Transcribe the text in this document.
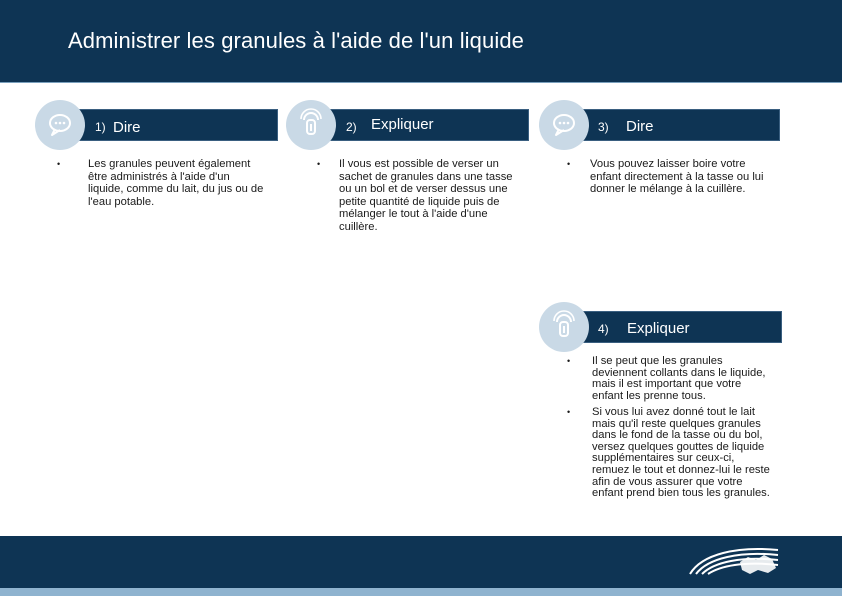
Administrer les granules à l'aide de l'un liquide
1) Dire
• Les granules peuvent également être administrés à l'aide d'un liquide, comme du lait, du jus ou de l'eau potable.
2) Expliquer
• Il vous est possible de verser un sachet de granules dans une tasse ou un bol et de verser dessus une petite quantité de liquide puis de mélanger le tout à l'aide d'une cuillère.
3) Dire
• Vous pouvez laisser boire votre enfant directement à la tasse ou lui donner le mélange à la cuillère.
4) Expliquer
• Il se peut que les granules deviennent collants dans le liquide, mais il est important que votre enfant les prenne tous.
• Si vous lui avez donné tout le lait mais qu'il reste quelques granules dans le fond de la tasse ou du bol, versez quelques gouttes de liquide supplémentaires sur ceux-ci, remuez le tout et donnez-lui le reste afin de vous assurer que votre enfant prend bien tous les granules.
